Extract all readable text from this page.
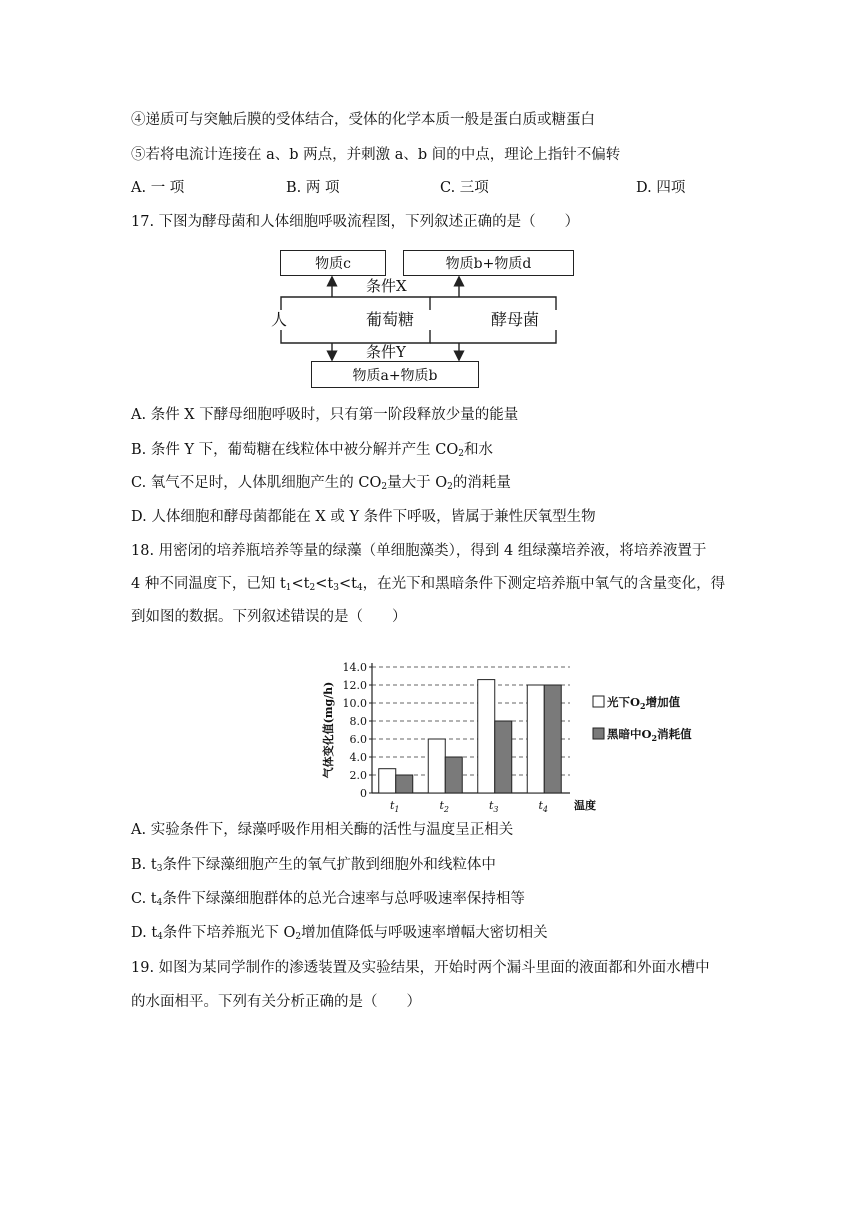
④递质可与突触后膜的受体结合，受体的化学本质一般是蛋白质或糖蛋白
⑤若将电流计连接在 a、b 两点，并刺激 a、b 间的中点，理论上指针不偏转
A. 一 项	B. 两 项	C. 三项	D. 四项
17. 下图为酵母菌和人体细胞呼吸流程图，下列叙述正确的是（　　）
物质c	物质b+物质d
条件X
人	葡萄糖	酵母菌
条件Y
物质a+物质b
A. 条件 X 下酵母细胞呼吸时，只有第一阶段释放少量的能量
B. 条件 Y 下，葡萄糖在线粒体中被分解并产生 $CO_2$和水
C. 氧气不足时，人体肌细胞产生的 $CO_2$量大于 $O_2$的消耗量
D. 人体细胞和酵母菌都能在 X 或 Y 条件下呼吸，皆属于兼性厌氧型生物
18. 用密闭的培养瓶培养等量的绿藻（单细胞藻类），得到 4 组绿藻培养液，将培养液置于
4 种不同温度下，已知 $t_1<t_2<t_3<t_4$，在光下和黑暗条件下测定培养瓶中氧气的含量变化，得
到如图的数据。下列叙述错误的是（　　）
0
2.0
4.0
6.0
8.0
10.0
12.0
14.0
气体变化值(mg/h)
$t_1$	$t_2$	$t_3$	$t_4$ 温度
光下$O_2$增加值
黑暗中$O_2$消耗值
A. 实验条件下，绿藻呼吸作用相关酶的活性与温度呈正相关
B. $t_3$条件下绿藻细胞产生的氧气扩散到细胞外和线粒体中
C. $t_4$条件下绿藻细胞群体的总光合速率与总呼吸速率保持相等
D. $t_4$条件下培养瓶光下 $O_2$增加值降低与呼吸速率增幅大密切相关
19. 如图为某同学制作的渗透装置及实验结果，开始时两个漏斗里面的液面都和外面水槽中
的水面相平。下列有关分析正确的是（　　）
